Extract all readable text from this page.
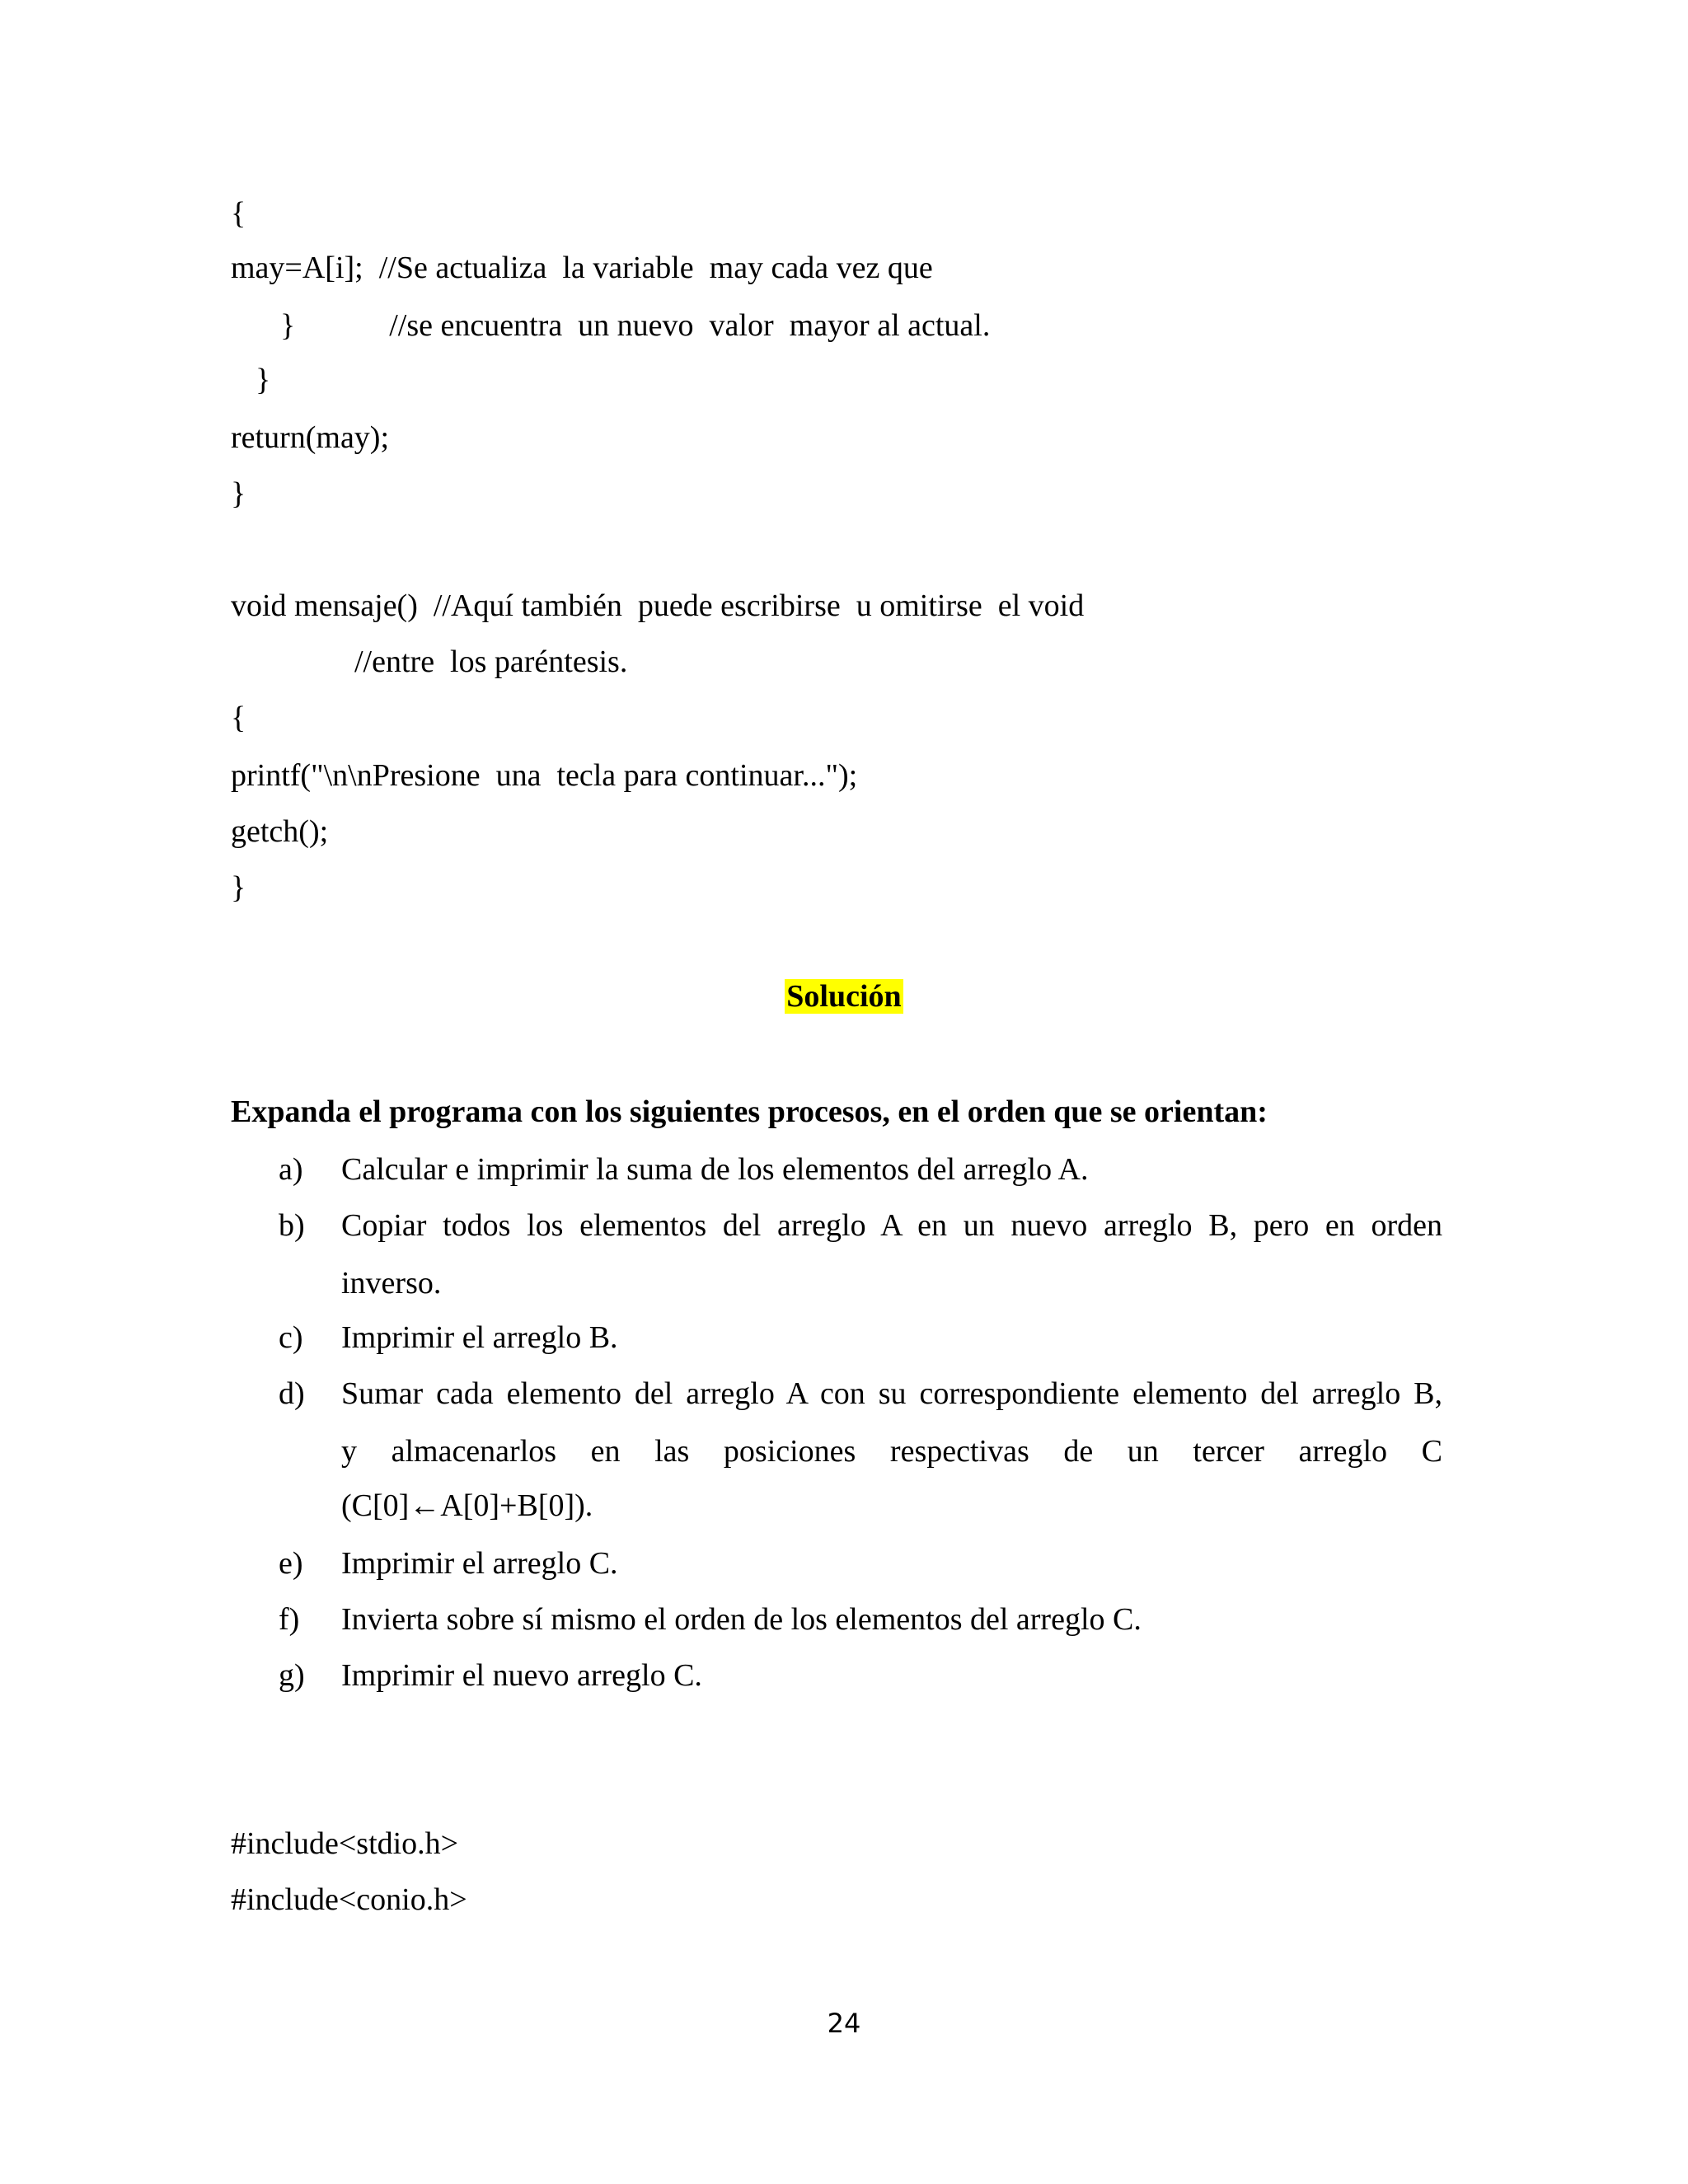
{
may=A[i];  //Se actualiza  la variable  may cada vez que
}            //se encuentra  un nuevo  valor  mayor al actual.
}
return(may);
}
void mensaje()  //Aquí también  puede escribirse  u omitirse  el void
//entre  los paréntesis.
{
printf("\n\nPresione  una  tecla para continuar...");
getch();
}
Solución
Expanda el programa con los siguientes procesos, en el orden que se orientan:
a)	Calcular e imprimir la suma de los elementos del arreglo A.
b)	Copiar todos los elementos del arreglo A en un nuevo arreglo B, pero en orden
inverso.
c)	Imprimir el arreglo B.
d)	Sumar cada elemento del arreglo A con su correspondiente elemento del arreglo B,
y almacenarlos en las posiciones respectivas de un tercer arreglo C
(C[0]←A[0]+B[0]).
e)	Imprimir el arreglo C.
f)	Invierta sobre sí mismo el orden de los elementos del arreglo C.
g)	Imprimir el nuevo arreglo C.
#include<stdio.h>
#include<conio.h>
24
